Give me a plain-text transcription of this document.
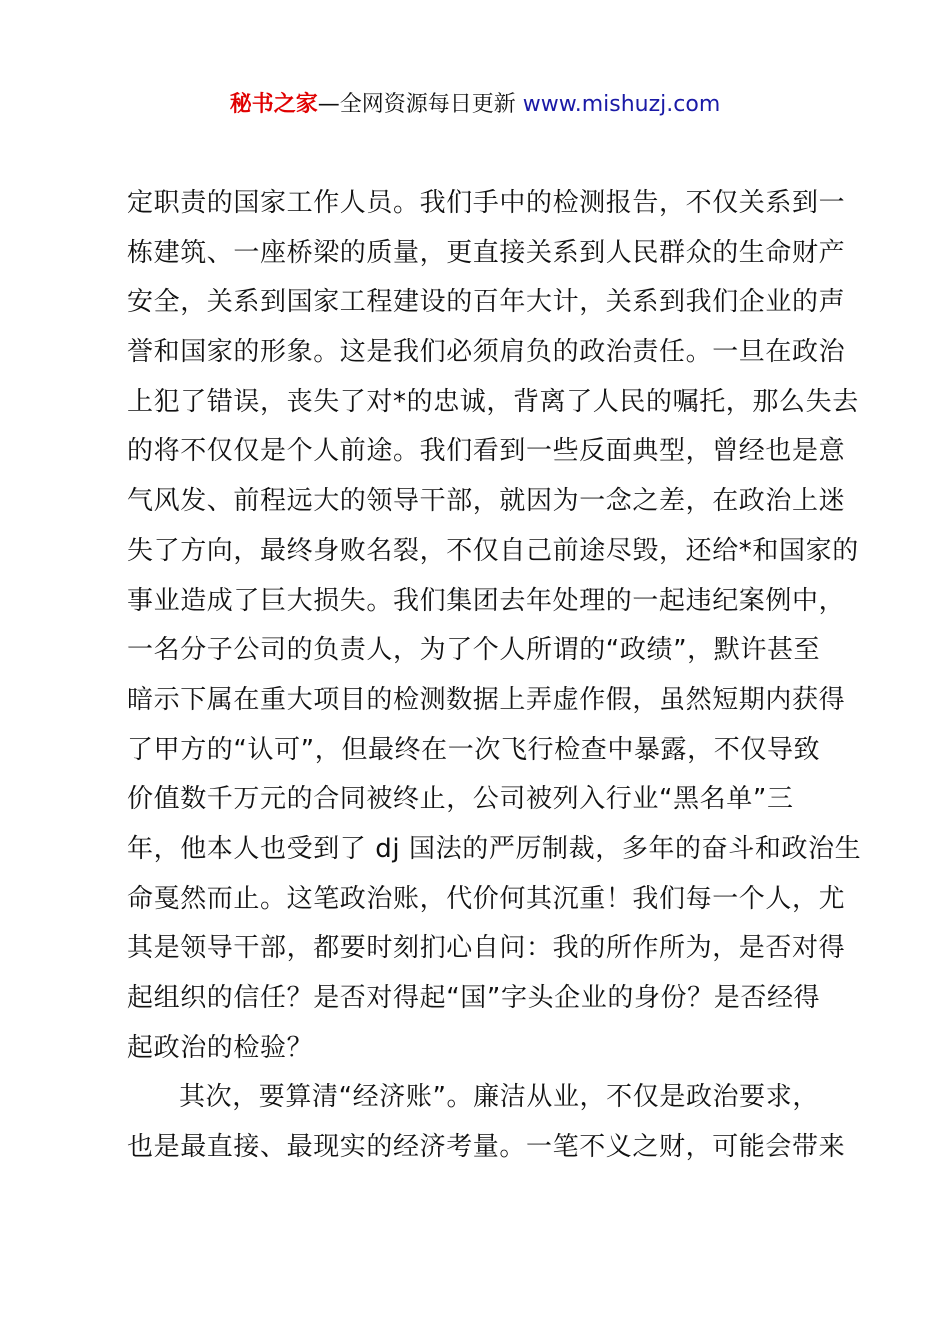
秘书之家—全网资源每日更新 www.mishuzj.com
定职责的国家工作人员。我们手中的检测报告，不仅关系到一
栋建筑、一座桥梁的质量，更直接关系到人民群众的生命财产
安全，关系到国家工程建设的百年大计，关系到我们企业的声
誉和国家的形象。这是我们必须肩负的政治责任。一旦在政治
上犯了错误，丧失了对*的忠诚，背离了人民的嘱托，那么失去
的将不仅仅是个人前途。我们看到一些反面典型，曾经也是意
气风发、前程远大的领导干部，就因为一念之差，在政治上迷
失了方向，最终身败名裂，不仅自己前途尽毁，还给*和国家的
事业造成了巨大损失。我们集团去年处理的一起违纪案例中，
一名分子公司的负责人，为了个人所谓的“政绩”，默许甚至
暗示下属在重大项目的检测数据上弄虚作假，虽然短期内获得
了甲方的“认可”，但最终在一次飞行检查中暴露，不仅导致
价值数千万元的合同被终止，公司被列入行业“黑名单”三
年，他本人也受到了 dj 国法的严厉制裁，多年的奋斗和政治生
命戛然而止。这笔政治账，代价何其沉重！我们每一个人，尤
其是领导干部，都要时刻扪心自问：我的所作所为，是否对得
起组织的信任？是否对得起“国”字头企业的身份？是否经得
起政治的检验？
其次，要算清“经济账”。廉洁从业，不仅是政治要求，
也是最直接、最现实的经济考量。一笔不义之财，可能会带来
